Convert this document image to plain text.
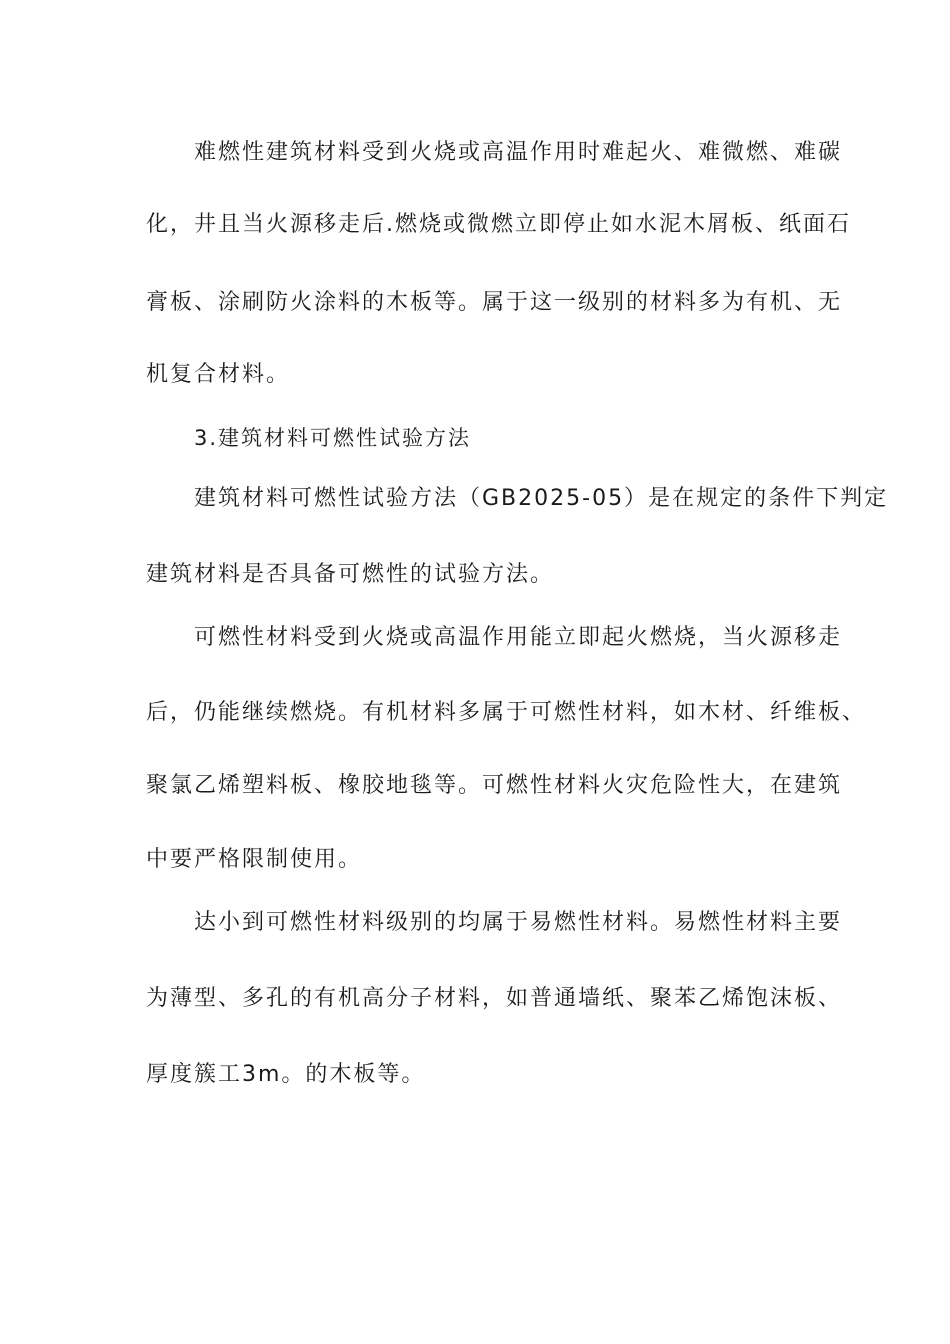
难燃性建筑材料受到火烧或高温作用时难起火、难微燃、难碳
化，井且当火源移走后.燃烧或微燃立即停止如水泥木屑板、纸面石
膏板、涂刷防火涂料的木板等。属于这一级别的材料多为有机、无
机复合材料。
3.建筑材料可燃性试验方法
建筑材料可燃性试验方法（GB2025-05）是在规定的条件下判定
建筑材料是否具备可燃性的试验方法。
可燃性材料受到火烧或高温作用能立即起火燃烧，当火源移走
后，仍能继续燃烧。有机材料多属于可燃性材料，如木材、纤维板、
聚氯乙烯塑料板、橡胶地毯等。可燃性材料火灾危险性大，在建筑
中要严格限制使用。
达小到可燃性材料级别的均属于易燃性材料。易燃性材料主要
为薄型、多孔的有机高分子材料，如普通墙纸、聚苯乙烯饱沫板、
厚度簇工3m。的木板等。
